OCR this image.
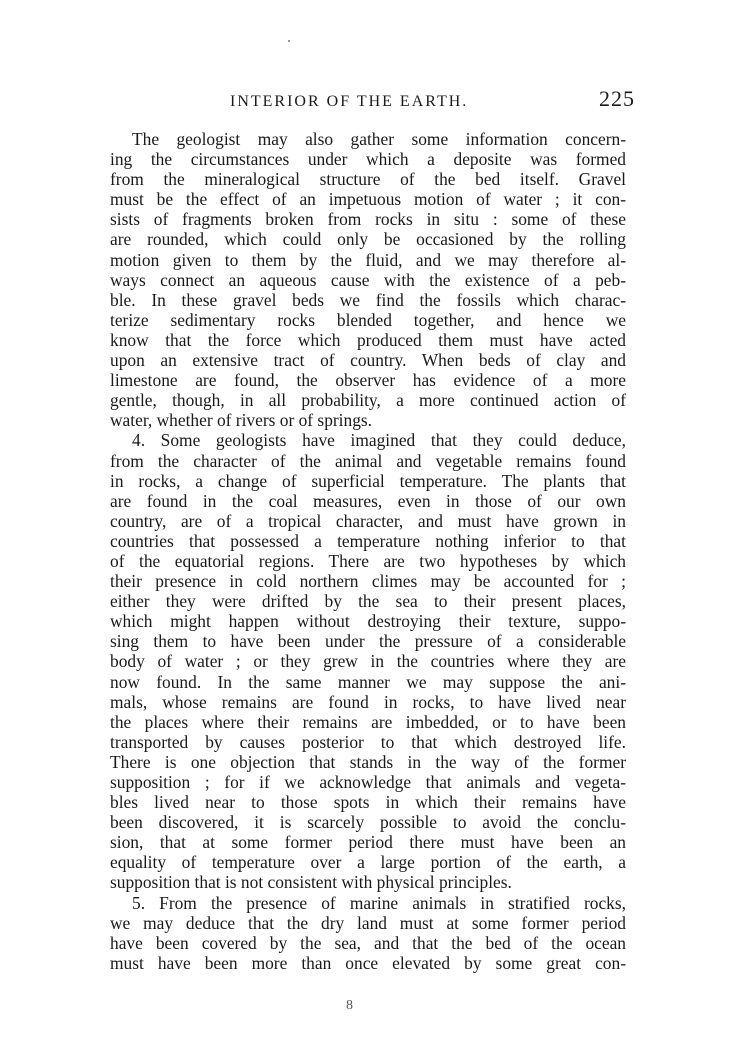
INTERIOR OF THE EARTH.	225
The geologist may also gather some information concern-
ing the circumstances under which a deposite was formed
from the mineralogical structure of the bed itself. Gravel
must be the effect of an impetuous motion of water ; it con-
sists of fragments broken from rocks in situ : some of these
are rounded, which could only be occasioned by the rolling
motion given to them by the fluid, and we may therefore al-
ways connect an aqueous cause with the existence of a peb-
ble. In these gravel beds we find the fossils which charac-
terize sedimentary rocks blended together, and hence we
know that the force which produced them must have acted
upon an extensive tract of country. When beds of clay and
limestone are found, the observer has evidence of a more
gentle, though, in all probability, a more continued action of
water, whether of rivers or of springs.
4. Some geologists have imagined that they could deduce,
from the character of the animal and vegetable remains found
in rocks, a change of superficial temperature. The plants that
are found in the coal measures, even in those of our own
country, are of a tropical character, and must have grown in
countries that possessed a temperature nothing inferior to that
of the equatorial regions. There are two hypotheses by which
their presence in cold northern climes may be accounted for ;
either they were drifted by the sea to their present places,
which might happen without destroying their texture, suppo-
sing them to have been under the pressure of a considerable
body of water ; or they grew in the countries where they are
now found. In the same manner we may suppose the ani-
mals, whose remains are found in rocks, to have lived near
the places where their remains are imbedded, or to have been
transported by causes posterior to that which destroyed life.
There is one objection that stands in the way of the former
supposition ; for if we acknowledge that animals and vegeta-
bles lived near to those spots in which their remains have
been discovered, it is scarcely possible to avoid the conclu-
sion, that at some former period there must have been an
equality of temperature over a large portion of the earth, a
supposition that is not consistent with physical principles.
5. From the presence of marine animals in stratified rocks,
we may deduce that the dry land must at some former period
have been covered by the sea, and that the bed of the ocean
must have been more than once elevated by some great con-
8
